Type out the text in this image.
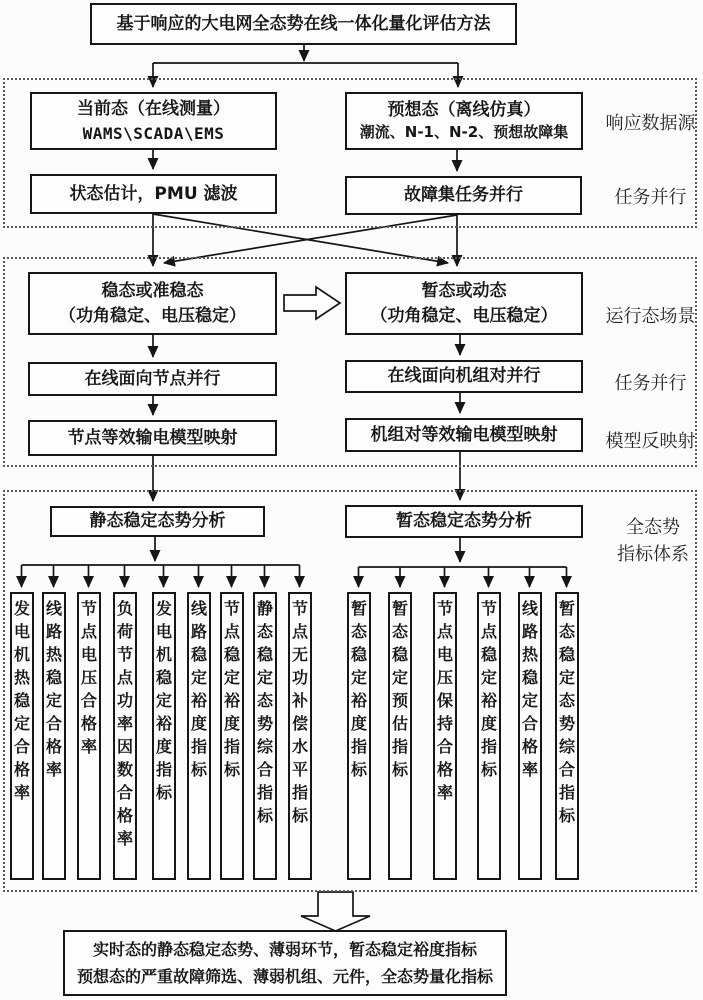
基于响应的大电网全态势在线一体化量化评估方法
当前态（在线测量）
WAMS\SCADA\EMS
预想态（离线仿真）
潮流、N-1、N-2、预想故障集
状态估计，PMU 滤波	故障集任务并行
响应数据源
任务并行
稳态或准稳态
（功角稳定、电压稳定）
暂态或动态
（功角稳定、电压稳定）
在线面向节点并行	在线面向机组对并行
节点等效输电模型映射	机组对等效输电模型映射
运行态场景
任务并行
模型反映射
静态稳定态势分析	暂态稳定态势分析	全态势
指标体系
发电机热稳定合格率
线路热稳定合格率
节点电压合格率
负荷节点功率因数合格率
发电机稳定裕度指标
线路稳定裕度指标
节点稳定裕度指标
静态稳定态势综合指标
节点无功补偿水平指标
暂态稳定裕度指标
暂态稳定预估指标
节点电压保持合格率
节点稳定裕度指标
线路热稳定合格率
暂态稳定态势综合指标
实时态的静态稳定态势、薄弱环节，暂态稳定裕度指标
预想态的严重故障筛选、薄弱机组、元件，全态势量化指标
